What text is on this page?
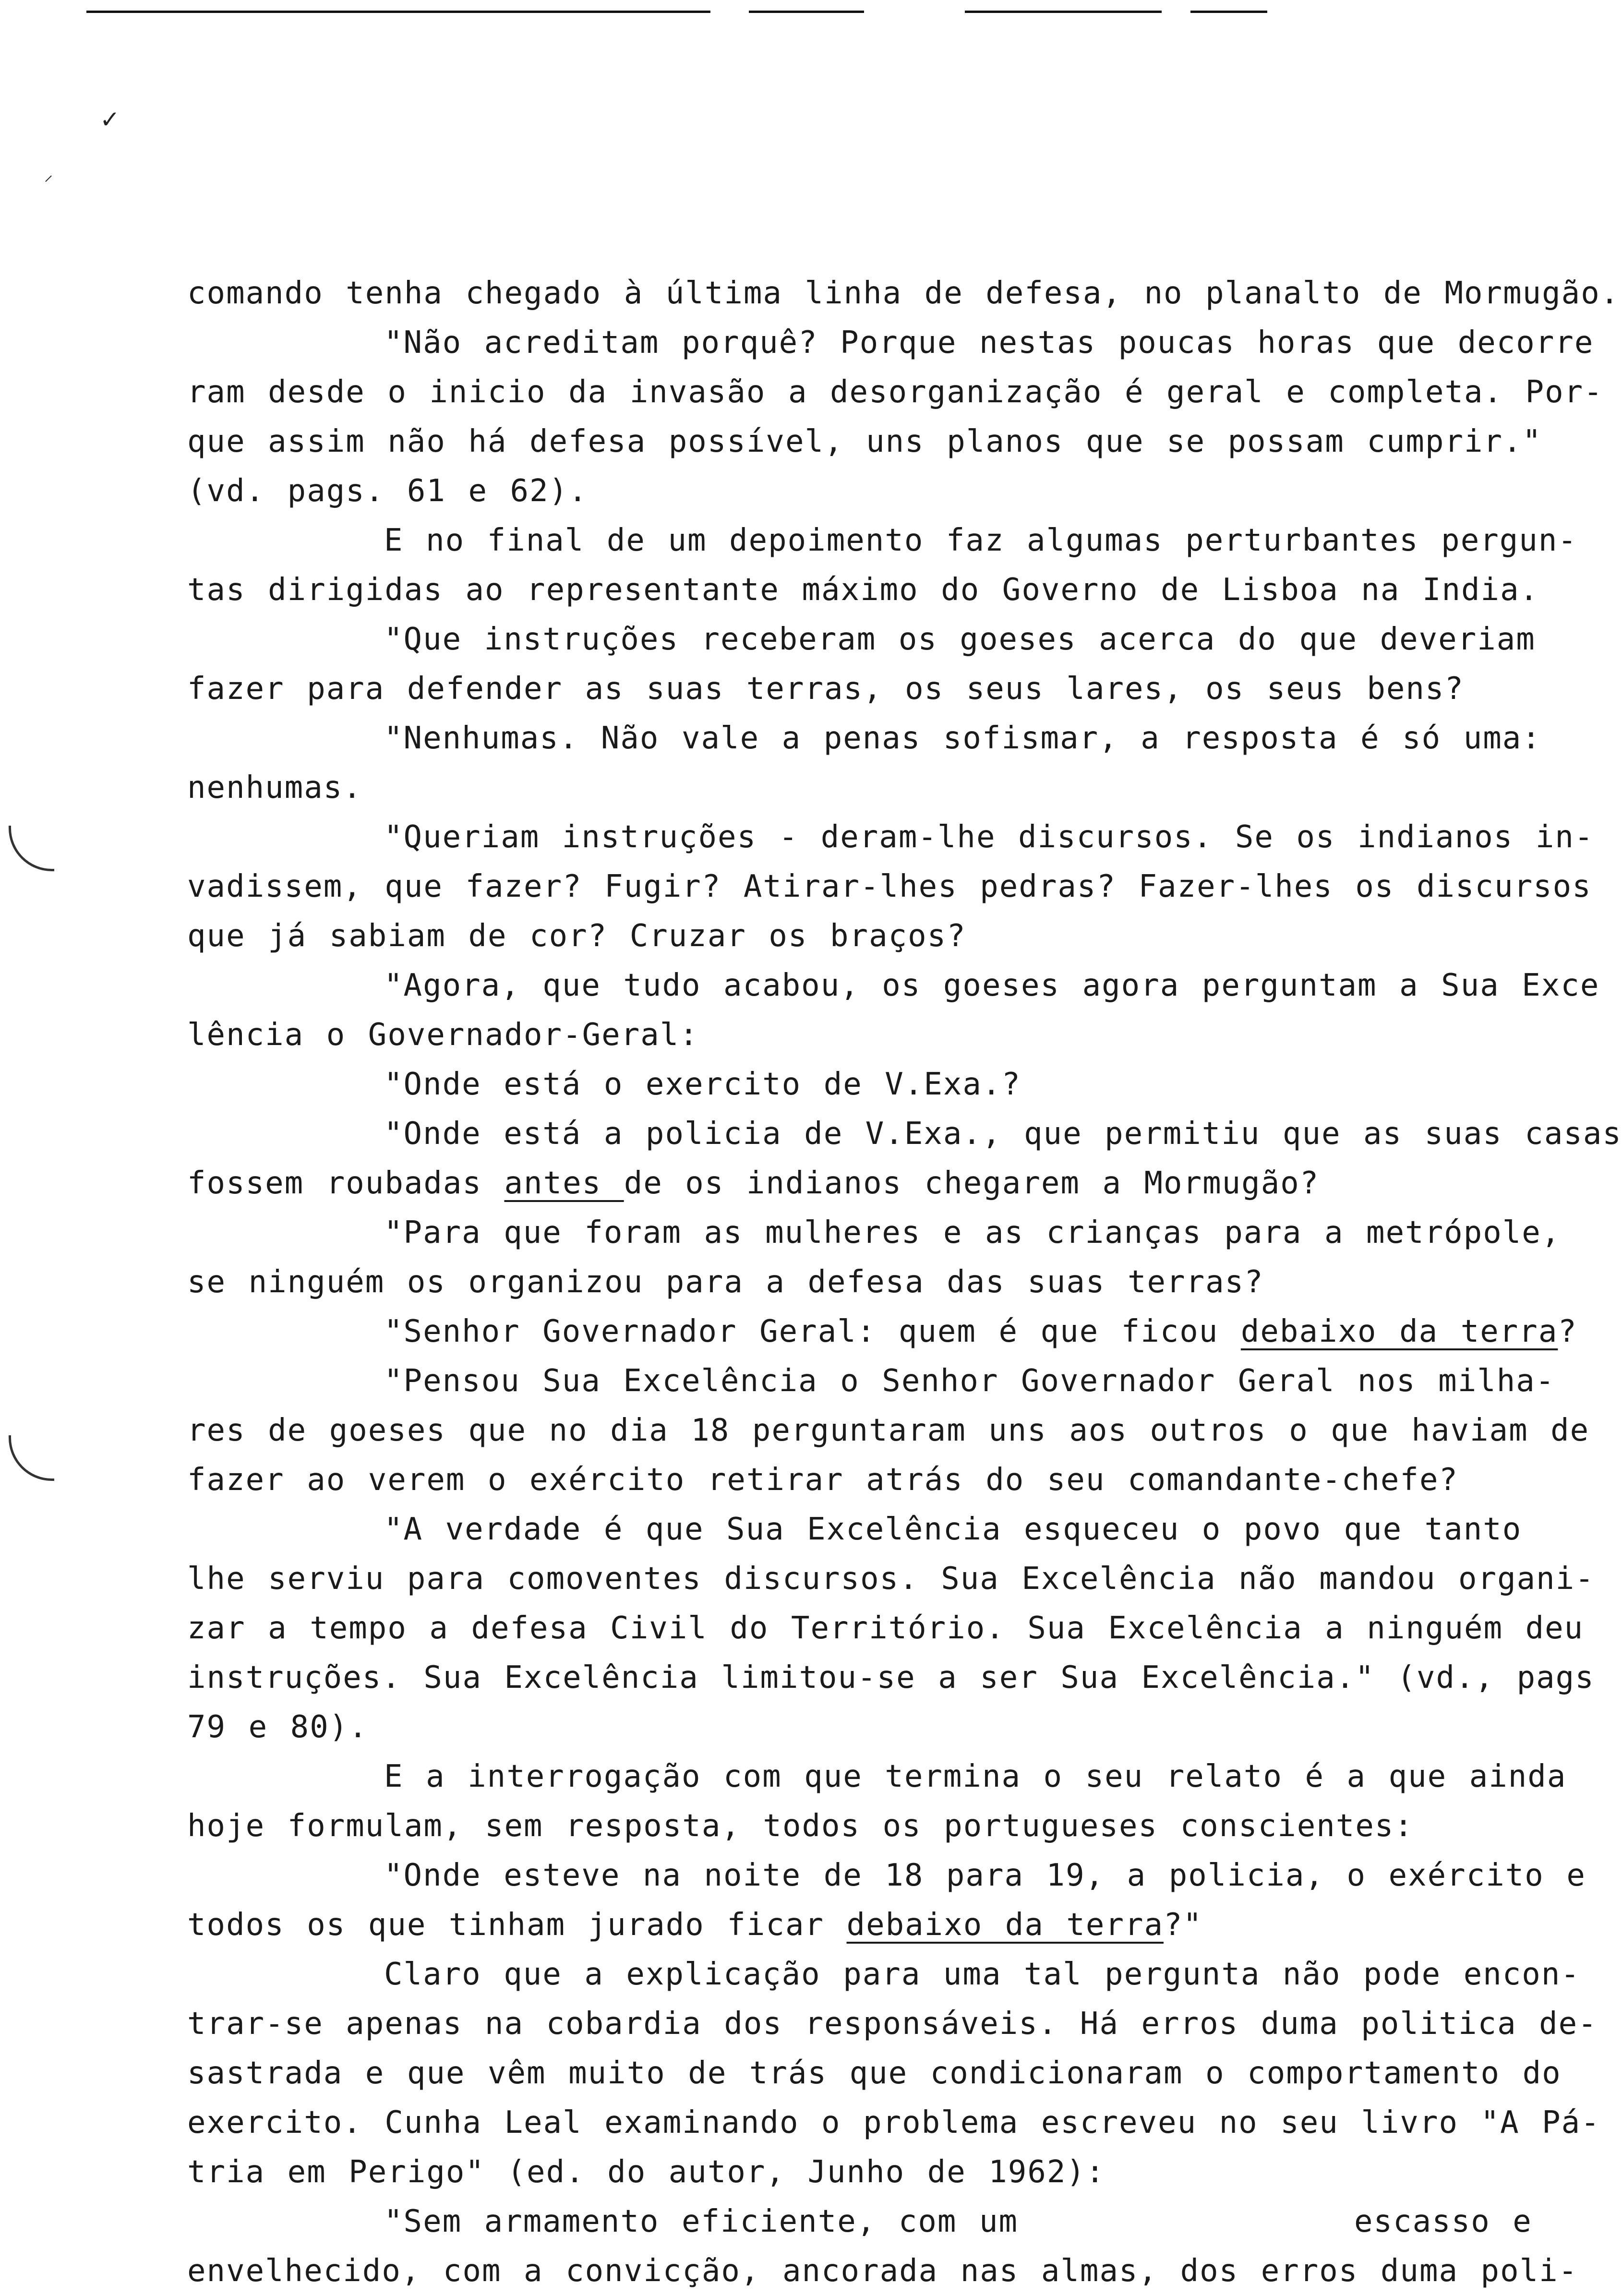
✓
⸝
comando tenha chegado à última linha de defesa, no planalto de Mormugão.
"Não acreditam porquê? Porque nestas poucas horas que decorre
ram desde o inicio da invasão a desorganização é geral e completa. Por-
que assim não há defesa possível, uns planos que se possam cumprir."
(vd. pags. 61 e 62).
E no final de um depoimento faz algumas perturbantes pergun-
tas dirigidas ao representante máximo do Governo de Lisboa na India.
"Que instruções receberam os goeses acerca do que deveriam
fazer para defender as suas terras, os seus lares, os seus bens?
"Nenhumas. Não vale a penas sofismar, a resposta é só uma:
nenhumas.
"Queriam instruções - deram-lhe discursos. Se os indianos in-
vadissem, que fazer? Fugir? Atirar-lhes pedras? Fazer-lhes os discursos
que já sabiam de cor? Cruzar os braços?
"Agora, que tudo acabou, os goeses agora perguntam a Sua Exce
lência o Governador-Geral:
"Onde está o exercito de V.Exa.?
"Onde está a policia de V.Exa., que permitiu que as suas casas
fossem roubadas antes de os indianos chegarem a Mormugão?
"Para que foram as mulheres e as crianças para a metrópole,
se ninguém os organizou para a defesa das suas terras?
"Senhor Governador Geral: quem é que ficou debaixo da terra?
"Pensou Sua Excelência o Senhor Governador Geral nos milha-
res de goeses que no dia 18 perguntaram uns aos outros o que haviam de
fazer ao verem o exército retirar atrás do seu comandante-chefe?
"A verdade é que Sua Excelência esqueceu o povo que tanto
lhe serviu para comoventes discursos. Sua Excelência não mandou organi-
zar a tempo a defesa Civil do Território. Sua Excelência a ninguém deu
instruções. Sua Excelência limitou-se a ser Sua Excelência." (vd., pags
79 e 80).
E a interrogação com que termina o seu relato é a que ainda
hoje formulam, sem resposta, todos os portugueses conscientes:
"Onde esteve na noite de 18 para 19, a policia, o exército e
todos os que tinham jurado ficar debaixo da terra?"
Claro que a explicação para uma tal pergunta não pode encon-
trar-se apenas na cobardia dos responsáveis. Há erros duma politica de-
sastrada e que vêm muito de trás que condicionaram o comportamento do
exercito. Cunha Leal examinando o problema escreveu no seu livro "A Pá-
tria em Perigo" (ed. do autor, Junho de 1962):
"Sem armamento eficiente, com um	escasso e
envelhecido, com a convicção, ancorada nas almas, dos erros duma poli-
